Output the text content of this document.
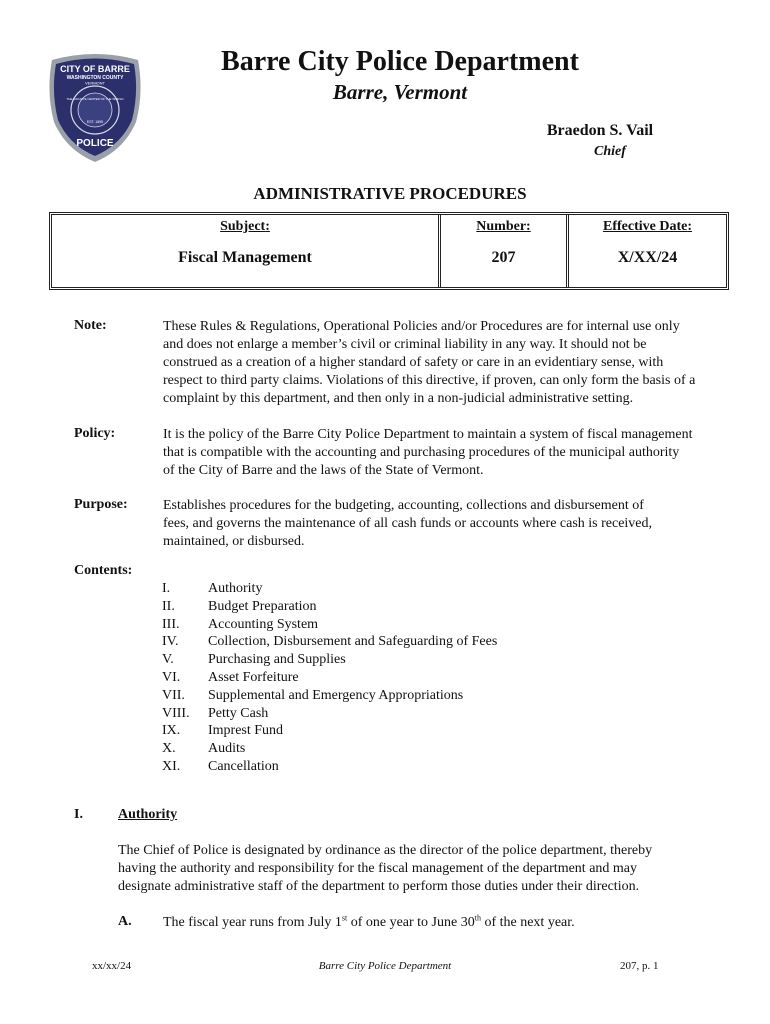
CITY OF BARRE
WASHINGTON COUNTY
VERMONT
THE GRANITE CENTER OF THE WORLD
EST. 1895
POLICE
Barre City Police Department
Barre, Vermont
Braedon S. Vail
Chief
ADMINISTRATIVE PROCEDURES
Subject:
Fiscal Management
Number:
207
Effective Date:
X/XX/24
Note:	These Rules & Regulations, Operational Policies and/or Procedures are for internal use only
and does not enlarge a member’s civil or criminal liability in any way. It should not be
construed as a creation of a higher standard of safety or care in an evidentiary sense, with
respect to third party claims. Violations of this directive, if proven, can only form the basis of a
complaint by this department, and then only in a non-judicial administrative setting.
Policy:	It is the policy of the Barre City Police Department to maintain a system of fiscal management
that is compatible with the accounting and purchasing procedures of the municipal authority
of the City of Barre and the laws of the State of Vermont.
Purpose:	Establishes procedures for the budgeting, accounting, collections and disbursement of
fees, and governs the maintenance of all cash funds or accounts where cash is received,
maintained, or disbursed.
Contents:
I.	Authority
II.	Budget Preparation
III.	Accounting System
IV.	Collection, Disbursement and Safeguarding of Fees
V.	Purchasing and Supplies
VI.	Asset Forfeiture
VII.	Supplemental and Emergency Appropriations
VIII.	Petty Cash
IX.	Imprest Fund
X.	Audits
XI.	Cancellation
I.	Authority
The Chief of Police is designated by ordinance as the director of the police department, thereby
having the authority and responsibility for the fiscal management of the department and may
designate administrative staff of the department to perform those duties under their direction.
A. The fiscal year runs from July 1st of one year to June 30th of the next year.
xx/xx/24	Barre City Police Department	207, p. 1
